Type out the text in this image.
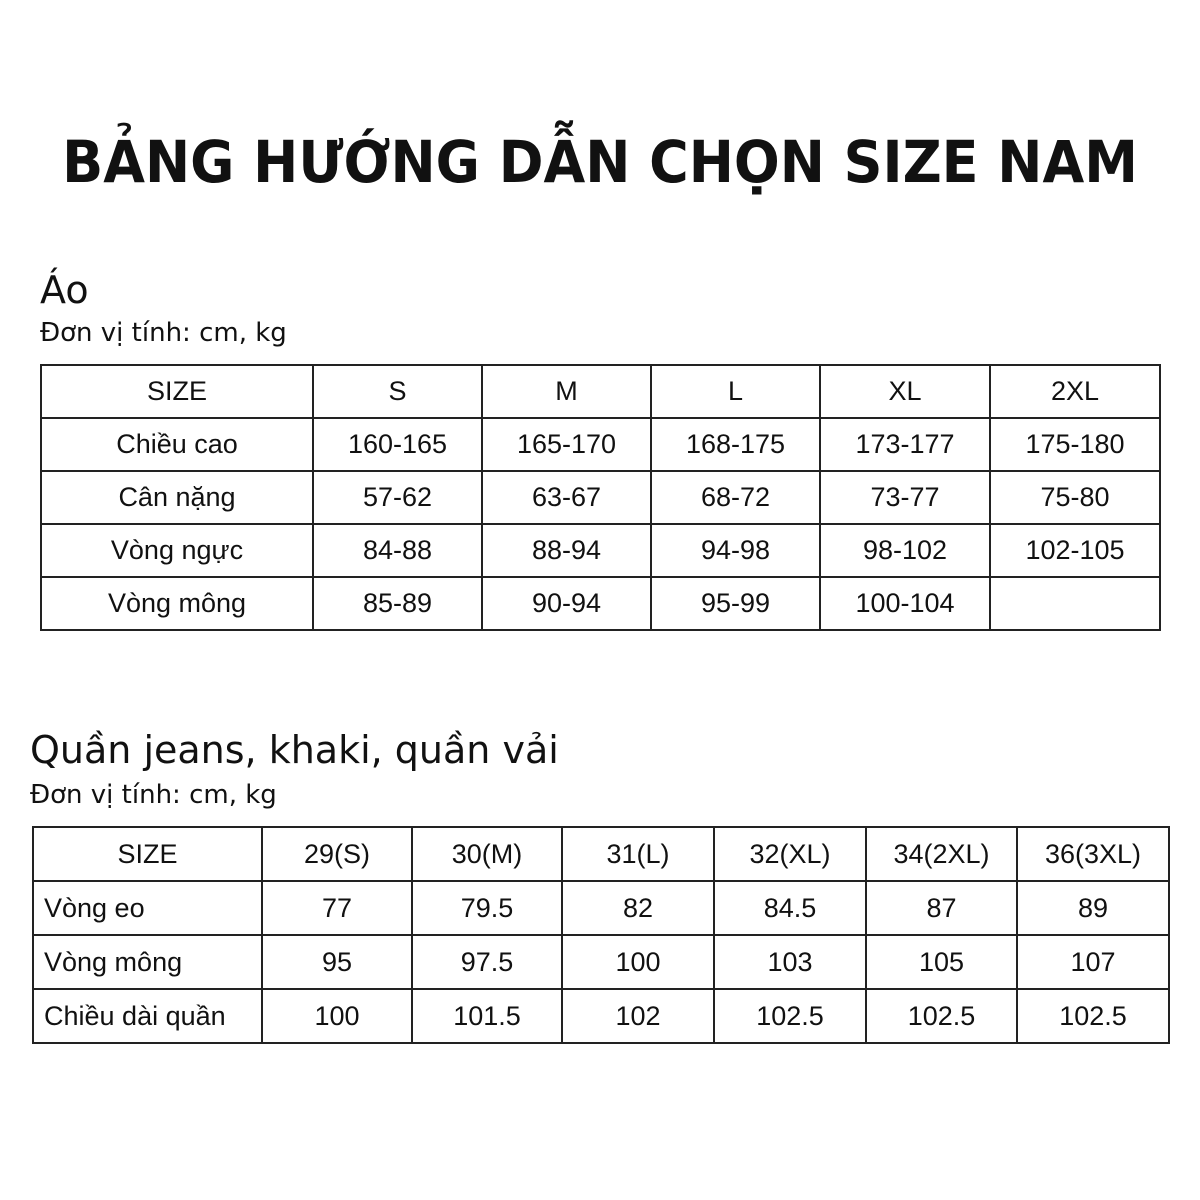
BẢNG HƯỚNG DẪN CHỌN SIZE NAM
Áo
Đơn vị tính: cm, kg
SIZE	S	M	L	XL	2XL
Chiều cao	160-165	165-170	168-175	173-177	175-180
Cân nặng	57-62	63-67	68-72	73-77	75-80
Vòng ngực	84-88	88-94	94-98	98-102	102-105
Vòng mông	85-89	90-94	95-99	100-104	
Quần jeans, khaki, quần vải
Đơn vị tính: cm, kg
SIZE	29(S)	30(M)	31(L)	32(XL)	34(2XL)	36(3XL)
Vòng eo	77	79.5	82	84.5	87	89
Vòng mông	95	97.5	100	103	105	107
Chiều dài quần	100	101.5	102	102.5	102.5	102.5
